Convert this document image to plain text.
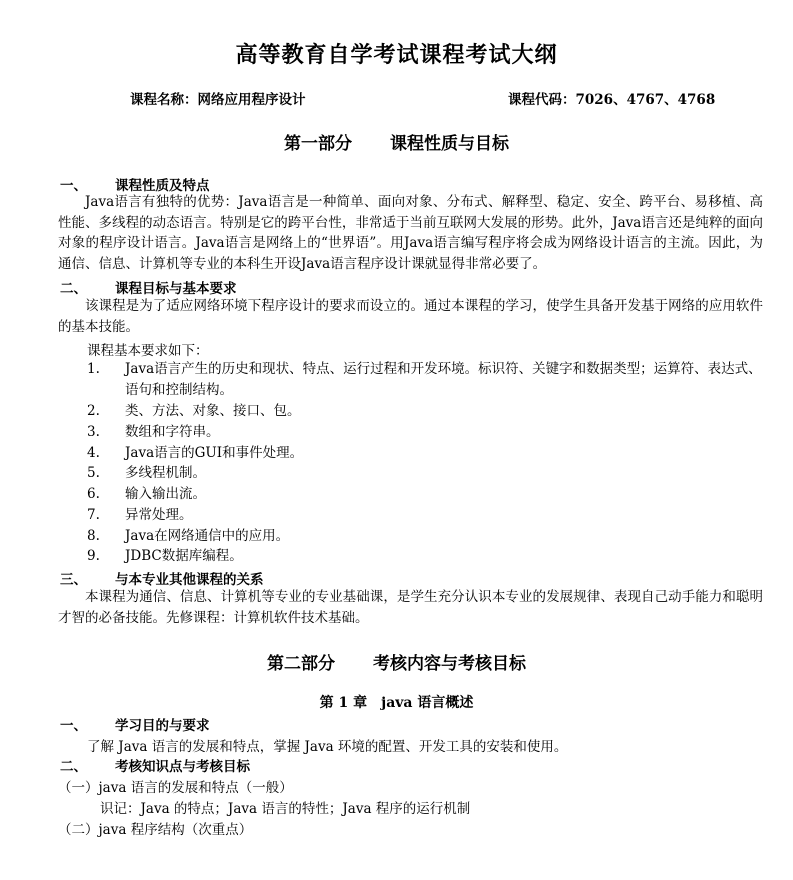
高等教育自学考试课程考试大纲
课程名称：网络应用程序设计	课程代码：7026、4767、4768
第一部分 课程性质与目标
一、 课程性质及特点
Java语言有独特的优势：Java语言是一种简单、面向对象、分布式、解释型、稳定、安全、跨平台、易移植、高性能、多线程的动态语言。特别是它的跨平台性，非常适于当前互联网大发展的形势。此外，Java语言还是纯粹的面向对象的程序设计语言。Java语言是网络上的“世界语”。用Java语言编写程序将会成为网络设计语言的主流。因此，为通信、信息、计算机等专业的本科生开设Java语言程序设计课就显得非常必要了。
二、 课程目标与基本要求
该课程是为了适应网络环境下程序设计的要求而设立的。通过本课程的学习，使学生具备开发基于网络的应用软件的基本技能。
课程基本要求如下：
1.	Java语言产生的历史和现状、特点、运行过程和开发环境。标识符、关键字和数据类型；运算符、表达式、语句和控制结构。
2.	类、方法、对象、接口、包。
3.	数组和字符串。
4.	Java语言的GUI和事件处理。
5.	多线程机制。
6.	输入输出流。
7.	异常处理。
8.	Java在网络通信中的应用。
9.	JDBC数据库编程。
三、 与本专业其他课程的关系
本课程为通信、信息、计算机等专业的专业基础课，是学生充分认识本专业的发展规律、表现自己动手能力和聪明才智的必备技能。先修课程：计算机软件技术基础。
第二部分 考核内容与考核目标
第 1 章　java 语言概述
一、 学习目的与要求
了解 Java 语言的发展和特点，掌握 Java 环境的配置、开发工具的安装和使用。
二、 考核知识点与考核目标
（一）java 语言的发展和特点（一般）
识记：Java 的特点；Java 语言的特性；Java 程序的运行机制
（二）java 程序结构（次重点）
